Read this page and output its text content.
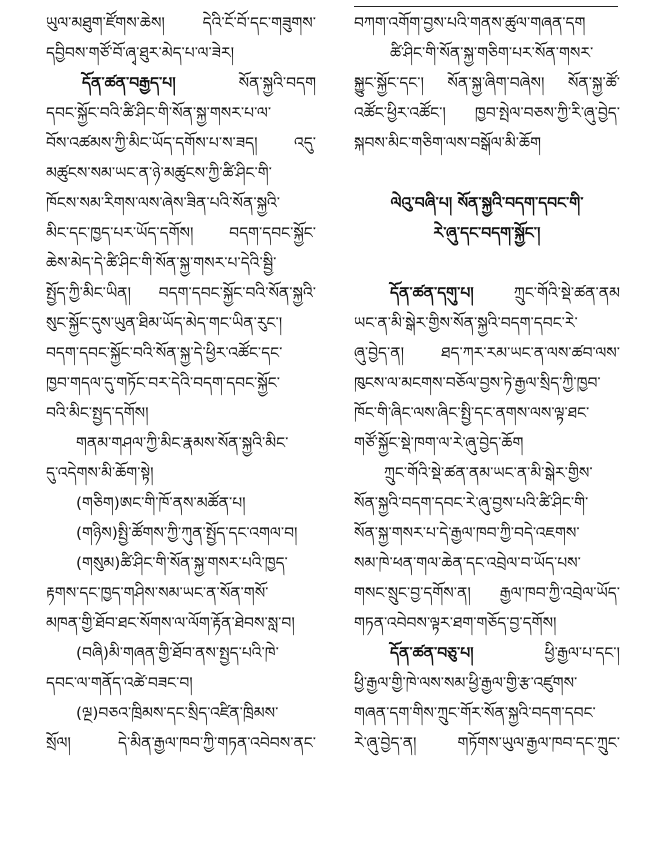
ཡུལ་མཐུག་ཛོགས་ཆེས། དེའི་ངོ་བོ་དང་གཟུགས་
དབྱིབས་གཙོ་བོ་ཞྭ་ཐུར་མེད་པ་ལ་ཟེར།
དོན་ཚན་བརྒྱད་པ། སོན་སྐྱའི་བདག
དབང་སྐྱོང་བའི་ཚི་ཤིང་གི་སོན་སྐྱ་གསར་པ་ལ་
བོས་འཚམས་ཀྱི་མིང་ཡོད་དགོས་པ་ས་ཟད། འདུ་
མཚུངས་སམ་ཡང་ན་ཉེ་མཚུངས་ཀྱི་ཚི་ཤིང་གི་
ཁོངས་སམ་རིགས་ལས་ཞེས་ཟིན་པའི་སོན་སྐྱའི་
མིང་དང་ཁྱད་པར་ཡོད་དགོས། བདག་དབང་སྐྱོང་
ཆེས་མེད་དེ་ཚི་ཤིང་གི་སོན་སྐྱ་གསར་པ་དེའི་སྦྱི་
སྤྱོད་ཀྱི་མིང་ཡིན། བདག་དབང་སྐྱོང་བའི་སོན་སྐྱའི་
སུང་སྐྱོང་དུས་ཡུན་ཐིམ་ཡོད་མེད་གང་ཡིན་རུང་།
བདག་དབང་སྐྱོང་བའི་སོན་སྐྱ་དེ་ཕྱིར་འཚོང་དང་
ཁྱབ་གདལ་དུ་གཏོང་བར་དེའི་བདག་དབང་སྐྱོང་
བའི་མིང་སྤྱད་དགོས།
གནམ་གཤལ་ཀྱི་མིང་རྣམས་སོན་སྐྱའི་མིང་
དུ་འདེགས་མི་ཆོག་སྟེ།
(གཅིག)ཨང་གི་ཁོ་ནས་མཚོན་པ།
(གཉིས)སྤྱི་ཚོགས་ཀྱི་ཀུན་སྤྱོད་དང་འགལ་བ།
(གསུམ)ཚི་ཤིང་གི་སོན་སྐྱ་གསར་པའི་ཁྱད་
རྟགས་དང་ཁྱད་གཤིས་སམ་ཡང་ན་སོན་གསོ་
མཁན་གྱི་ཐོབ་ཐང་སོགས་ལ་ལོག་རྟོན་ཐེབས་སླ་བ།
(བཞི)མི་གཞན་གྱི་ཐོབ་ནས་སྤྱད་པའི་ཁེ་
དབང་ལ་གནོད་འཚེ་བཟང་བ།
(ལྔ)བཅའ་ཁྲིམས་དང་སྲིད་འཛིན་ཁྲིམས་
སྲོལ། དེ་མིན་རྒྱལ་ཁབ་ཀྱི་གཏན་འབེབས་ནང་
བཀག་འགོག་བྱས་པའི་གནས་ཚུལ་གཞན་དག
ཚི་ཤིང་གི་སོན་སྐྱ་གཅིག་པར་སོན་གསར་
སྐྱུང་སྐྱོང་དང་། སོན་སྐྱ་ཞིག་བཞེས། སོན་སྐྱ་ཚོ་
འཚོང་ཕྱིར་འཚོང་། ཁྱབ་སྤེལ་བཅས་ཀྱི་རི་ཞུ་བྱེད་
སྐབས་མིང་གཅིག་ལས་བསྒོལ་མི་ཆོག
ལེའུ་བཞི་པ། སོན་སྐྱའི་བདག་དབང་གི་
རེ་ཞུ་དང་བདག་སྐྱོང་།
དོན་ཚན་དགུ་པ། ཀྲུང་གོའི་སྡེ་ཚན་ནམ
ཡང་ན་མི་སྒེར་གྱིས་སོན་སྐྱའི་བདག་དབང་རེ་
ཞུ་བྱེད་ན། ཐད་ཀར་རམ་ཡང་ན་ལས་ཚབ་ལས་
ཁུངས་ལ་མངགས་བཅོལ་བྱས་ཏེ་རྒྱལ་སྲིད་ཀྱི་ཁྱབ་
ཁོང་གི་ཞིང་ལས་ཞིང་སྤྱི་དང་ནགས་ལས་ལྟ་ཐང་
གཙོ་སྐྱོང་སྡེ་ཁག་ལ་རེ་ཞུ་བྱེད་ཆོག
ཀྲུང་གོའི་སྡེ་ཚན་ནམ་ཡང་ན་མི་སྒེར་གྱིས་
སོན་སྐྱའི་བདག་དབང་རེ་ཞུ་བྱས་པའི་ཚི་ཤིང་གི་
སོན་སྐྱ་གསར་པ་དེ་རྒྱལ་ཁབ་ཀྱི་བདེ་འཇགས་
སམ་ཁེ་ཕན་གལ་ཆེན་དང་འབྲེལ་བ་ཡོད་པས་
གསང་སྲུང་བྱ་དགོས་ན། རྒྱལ་ཁབ་ཀྱི་འབྲེལ་ཡོད་
གཏན་འབེབས་ལྟར་ཐག་གཅོད་བྱ་དགོས།
དོན་ཚན་བཅུ་པ། ཕྱི་རྒྱལ་པ་དང་།
ཕྱི་རྒྱལ་གྱི་ཁེ་ལས་སམ་ཕྱི་རྒྱལ་གྱི་རྩ་འཛུགས་
གཞན་དག་གིས་ཀྲུང་གོར་སོན་སྐྱའི་བདག་དབང་
རེ་ཞུ་བྱེད་ན། གཏོགས་ཡུལ་རྒྱལ་ཁབ་དང་ཀྲུང་
